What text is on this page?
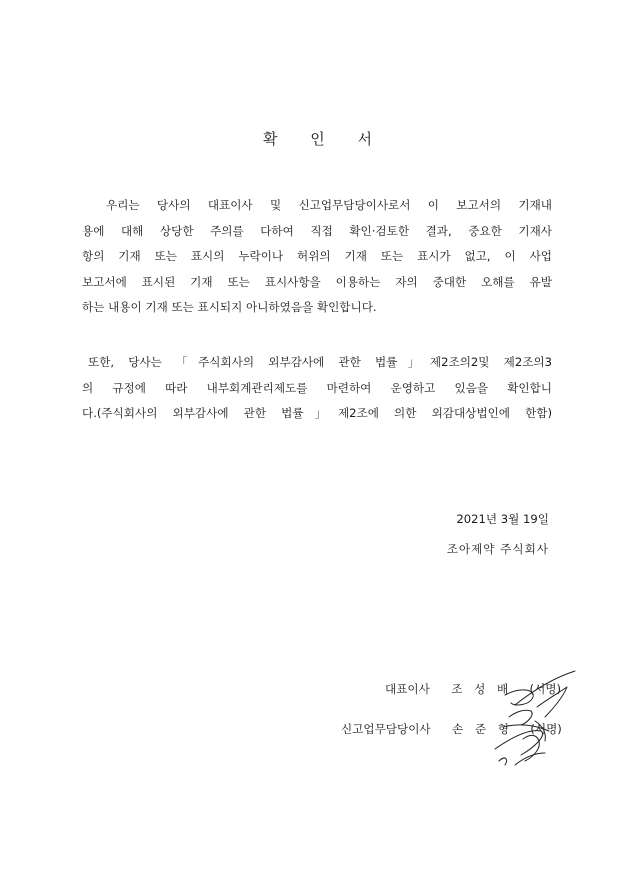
확 인 서
우리는 당사의 대표이사 및 신고업무담당이사로서 이 보고서의 기재내
용에 대해 상당한 주의를 다하여 직접 확인·검토한 결과, 중요한 기재사
항의 기재 또는 표시의 누락이나 허위의 기재 또는 표시가 없고, 이 사업
보고서에 표시된 기재 또는 표시사항을 이용하는 자의 중대한 오해를 유발
하는 내용이 기재 또는 표시되지 아니하였음을 확인합니다.
또한, 당사는 「주식회사의 외부감사에 관한 법률」제2조의2및 제2조의3
의 규정에 따라 내부회계관리제도를 마련하여 운영하고 있음을 확인합니
다.(주식회사의 외부감사에 관한 법률」제2조에 의한 외감대상법인에 한함)
2021년 3월 19일
조아제약 주식회사
대표이사 조 성 배 (서명)
신고업무담당이사 손 준 형 (서명)
